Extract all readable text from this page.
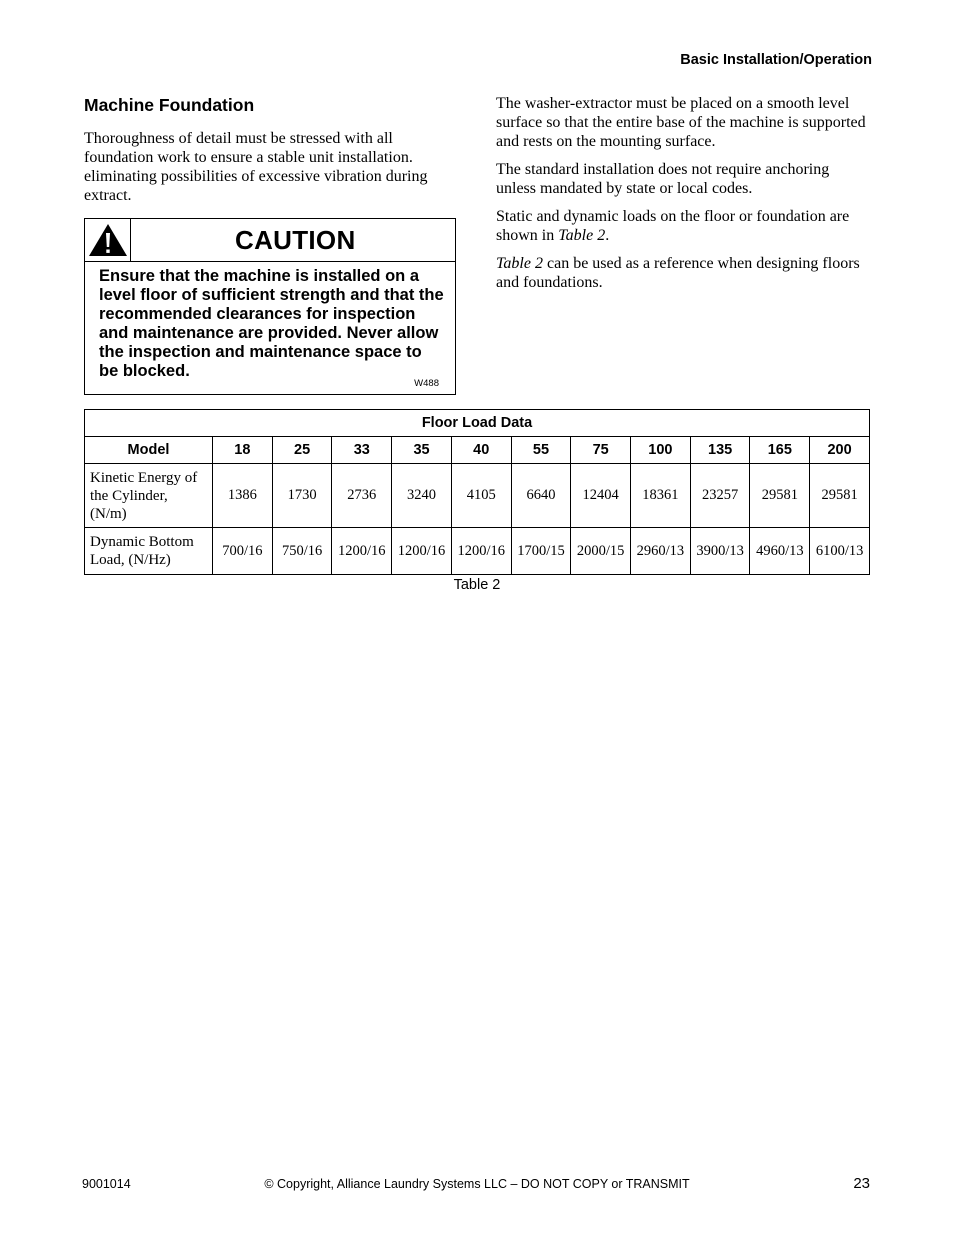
Basic Installation/Operation
Machine Foundation

Thoroughness of detail must be stressed with all foundation work to ensure a stable unit installation. eliminating possibilities of excessive vibration during extract.

CAUTION
Ensure that the machine is installed on a level floor of sufficient strength and that the recommended clearances for inspection and maintenance are provided. Never allow the inspection and maintenance space to be blocked.
W488

The washer-extractor must be placed on a smooth level surface so that the entire base of the machine is supported and rests on the mounting surface.

The standard installation does not require anchoring unless mandated by state or local codes.

Static and dynamic loads on the floor or foundation are shown in Table 2.

Table 2 can be used as a reference when designing floors and foundations.

Floor Load Data											
Model	18	25	33	35	40	55	75	100	135	165	200
Kinetic Energy of the Cylinder, (N/m)	1386	1730	2736	3240	4105	6640	12404	18361	23257	29581	29581
Dynamic Bottom Load, (N/Hz)	700/16	750/16	1200/16	1200/16	1200/16	1700/15	2000/15	2960/13	3900/13	4960/13	6100/13
Table 2
9001014	© Copyright, Alliance Laundry Systems LLC – DO NOT COPY or TRANSMIT	23
